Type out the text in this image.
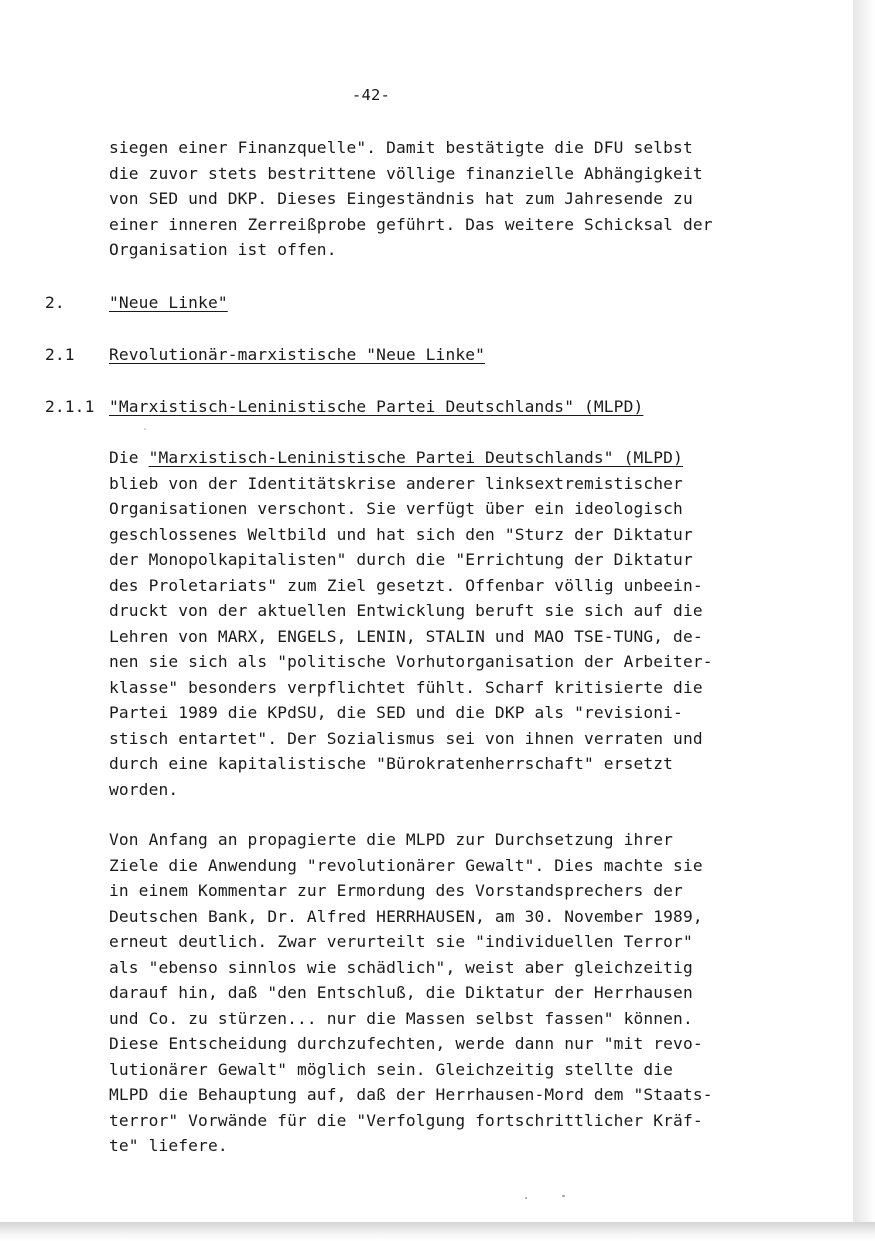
-42-
siegen einer Finanzquelle". Damit bestätigte die DFU selbst
die zuvor stets bestrittene völlige finanzielle Abhängigkeit
von SED und DKP. Dieses Eingeständnis hat zum Jahresende zu
einer inneren Zerreißprobe geführt. Das weitere Schicksal der
Organisation ist offen.
2.	"Neue Linke"
2.1 Revolutionär-marxistische "Neue Linke"
2.1.1 "Marxistisch-Leninistische Partei Deutschlands" (MLPD)
Die "Marxistisch-Leninistische Partei Deutschlands" (MLPD)
blieb von der Identitätskrise anderer linksextremistischer
Organisationen verschont. Sie verfügt über ein ideologisch
geschlossenes Weltbild und hat sich den "Sturz der Diktatur
der Monopolkapitalisten" durch die "Errichtung der Diktatur
des Proletariats" zum Ziel gesetzt. Offenbar völlig unbeein-
druckt von der aktuellen Entwicklung beruft sie sich auf die
Lehren von MARX, ENGELS, LENIN, STALIN und MAO TSE-TUNG, de-
nen sie sich als "politische Vorhutorganisation der Arbeiter-
klasse" besonders verpflichtet fühlt. Scharf kritisierte die
Partei 1989 die KPdSU, die SED und die DKP als "revisioni-
stisch entartet". Der Sozialismus sei von ihnen verraten und
durch eine kapitalistische "Bürokratenherrschaft" ersetzt
worden.
Von Anfang an propagierte die MLPD zur Durchsetzung ihrer
Ziele die Anwendung "revolutionärer Gewalt". Dies machte sie
in einem Kommentar zur Ermordung des Vorstandsprechers der
Deutschen Bank, Dr. Alfred HERRHAUSEN, am 30. November 1989,
erneut deutlich. Zwar verurteilt sie "individuellen Terror"
als "ebenso sinnlos wie schädlich", weist aber gleichzeitig
darauf hin, daß "den Entschluß, die Diktatur der Herrhausen
und Co. zu stürzen... nur die Massen selbst fassen" können.
Diese Entscheidung durchzufechten, werde dann nur "mit revo-
lutionärer Gewalt" möglich sein. Gleichzeitig stellte die
MLPD die Behauptung auf, daß der Herrhausen-Mord dem "Staats-
terror" Vorwände für die "Verfolgung fortschrittlicher Kräf-
te" liefere.
